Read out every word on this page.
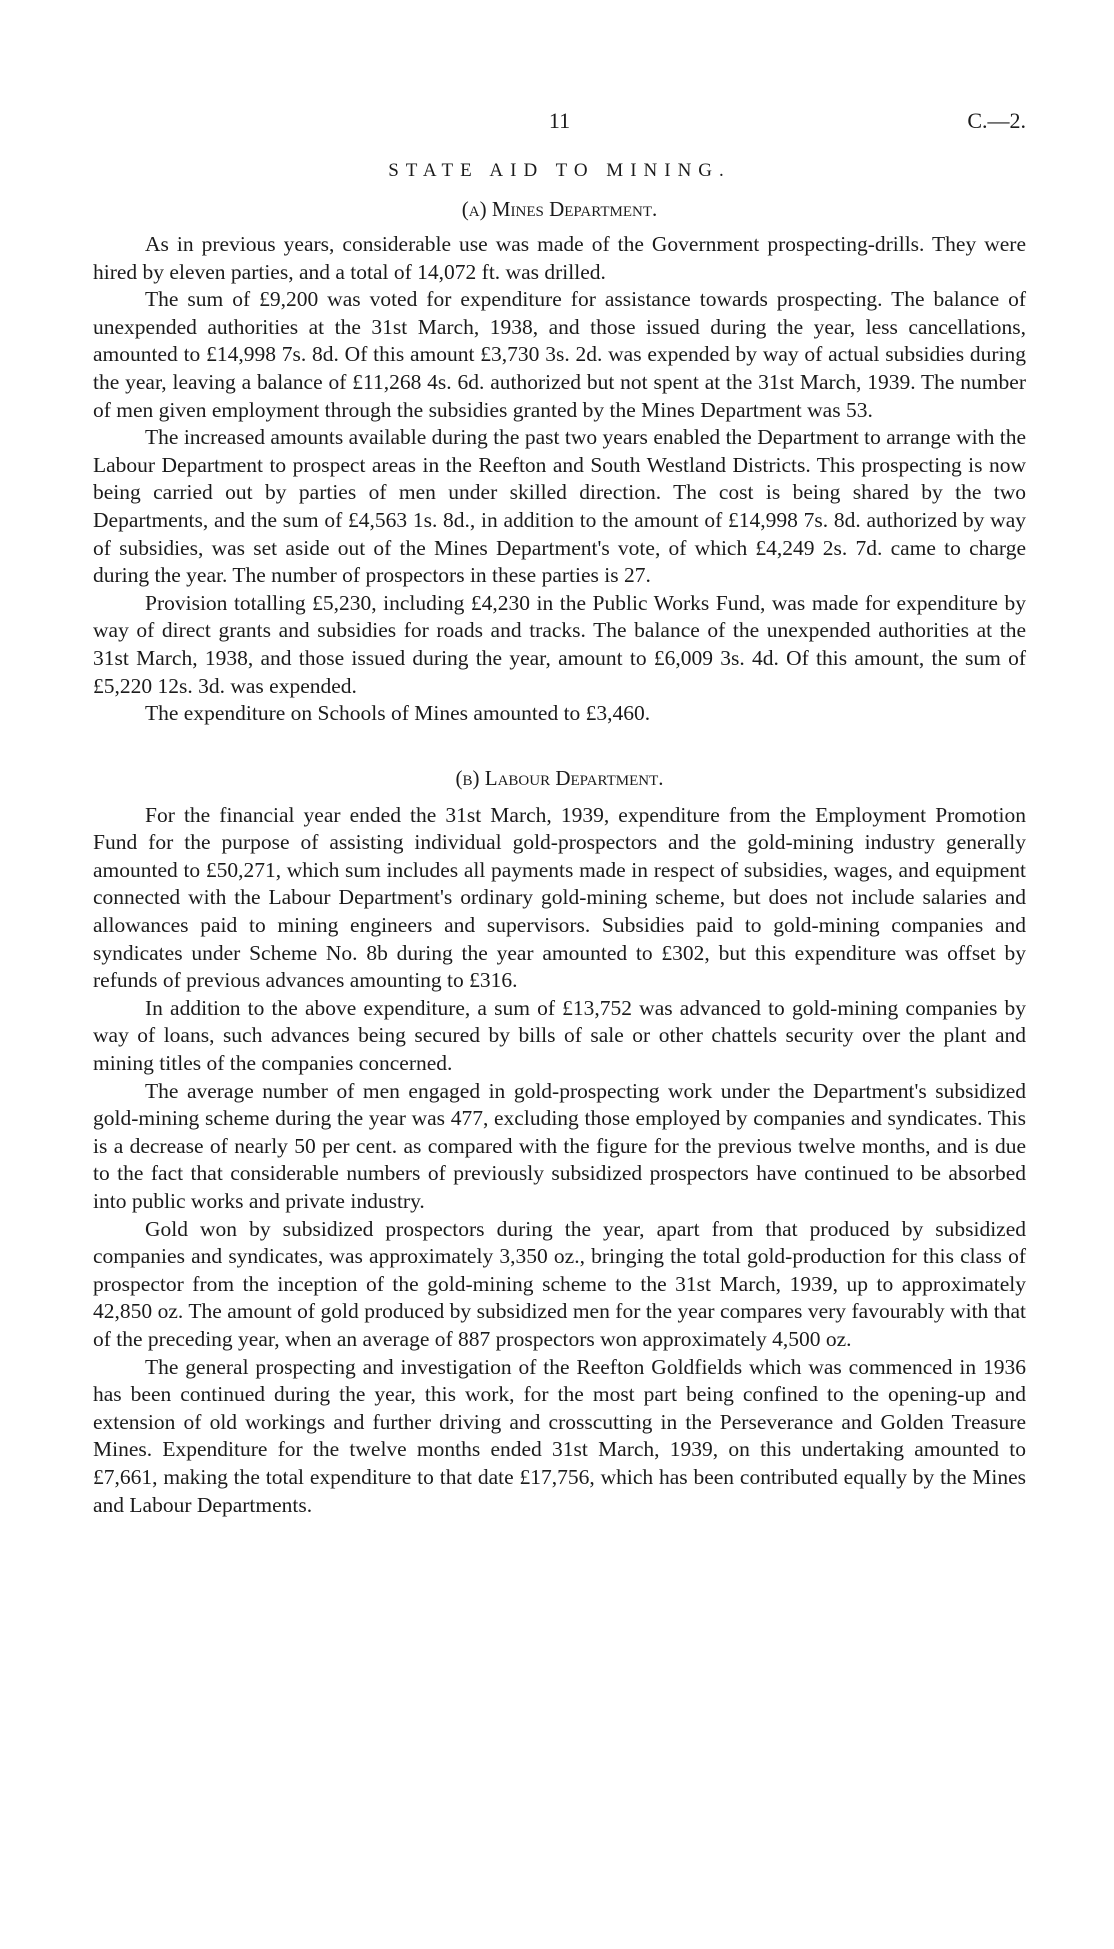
11	C.—2.
STATE AID TO MINING.
(a) Mines Department.

As in previous years, considerable use was made of the Government prospecting-drills. They were hired by eleven parties, and a total of 14,072 ft. was drilled.

The sum of £9,200 was voted for expenditure for assistance towards prospecting. The balance of unexpended authorities at the 31st March, 1938, and those issued during the year, less cancellations, amounted to £14,998 7s. 8d. Of this amount £3,730 3s. 2d. was expended by way of actual subsidies during the year, leaving a balance of £11,268 4s. 6d. authorized but not spent at the 31st March, 1939. The number of men given employment through the subsidies granted by the Mines Department was 53.

The increased amounts available during the past two years enabled the Department to arrange with the Labour Department to prospect areas in the Reefton and South Westland Districts. This prospecting is now being carried out by parties of men under skilled direction. The cost is being shared by the two Departments, and the sum of £4,563 1s. 8d., in addition to the amount of £14,998 7s. 8d. authorized by way of subsidies, was set aside out of the Mines Department's vote, of which £4,249 2s. 7d. came to charge during the year. The number of prospectors in these parties is 27.

Provision totalling £5,230, including £4,230 in the Public Works Fund, was made for expenditure by way of direct grants and subsidies for roads and tracks. The balance of the unexpended authorities at the 31st March, 1938, and those issued during the year, amount to £6,009 3s. 4d. Of this amount, the sum of £5,220 12s. 3d. was expended.

The expenditure on Schools of Mines amounted to £3,460.

(b) Labour Department.

For the financial year ended the 31st March, 1939, expenditure from the Employment Promotion Fund for the purpose of assisting individual gold-prospectors and the gold-mining industry generally amounted to £50,271, which sum includes all payments made in respect of subsidies, wages, and equipment connected with the Labour Department's ordinary gold-mining scheme, but does not include salaries and allowances paid to mining engineers and supervisors. Subsidies paid to gold-mining companies and syndicates under Scheme No. 8b during the year amounted to £302, but this expenditure was offset by refunds of previous advances amounting to £316.

In addition to the above expenditure, a sum of £13,752 was advanced to gold-mining companies by way of loans, such advances being secured by bills of sale or other chattels security over the plant and mining titles of the companies concerned.

The average number of men engaged in gold-prospecting work under the Department's subsidized gold-mining scheme during the year was 477, excluding those employed by companies and syndicates. This is a decrease of nearly 50 per cent. as compared with the figure for the previous twelve months, and is due to the fact that considerable numbers of previously subsidized prospectors have continued to be absorbed into public works and private industry.

Gold won by subsidized prospectors during the year, apart from that produced by subsidized companies and syndicates, was approximately 3,350 oz., bringing the total gold-production for this class of prospector from the inception of the gold-mining scheme to the 31st March, 1939, up to approximately 42,850 oz. The amount of gold produced by subsidized men for the year compares very favourably with that of the preceding year, when an average of 887 prospectors won approximately 4,500 oz.

The general prospecting and investigation of the Reefton Goldfields which was commenced in 1936 has been continued during the year, this work, for the most part being confined to the opening-up and extension of old workings and further driving and crosscutting in the Perseverance and Golden Treasure Mines. Expenditure for the twelve months ended 31st March, 1939, on this undertaking amounted to £7,661, making the total expenditure to that date £17,756, which has been contributed equally by the Mines and Labour Departments.
